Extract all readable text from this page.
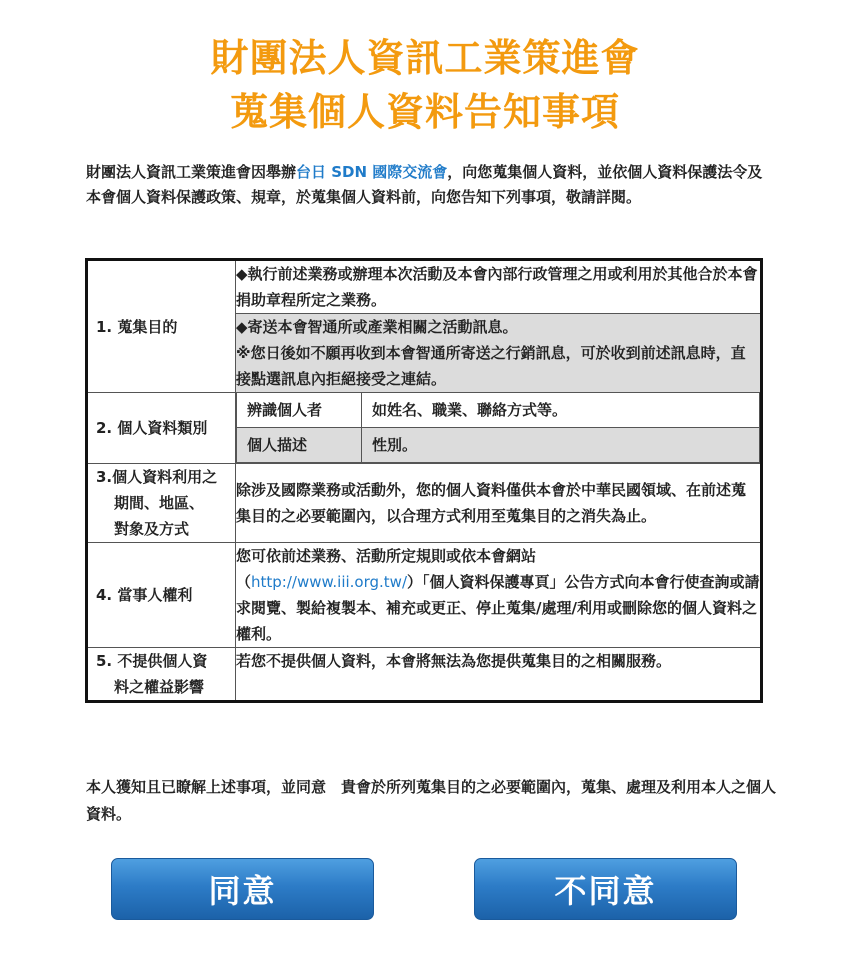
財團法人資訊工業策進會
蒐集個人資料告知事項
財團法人資訊工業策進會因舉辦台日 SDN 國際交流會，向您蒐集個人資料，並依個人資料保護法令及本會個人資料保護政策、規章，於蒐集個人資料前，向您告知下列事項，敬請詳閱。
1. 蒐集目的	◆執行前述業務或辦理本次活動及本會內部行政管理之用或利用於其他合於本會捐助章程所定之業務。

◆寄送本會智通所或產業相關之活動訊息。
※您日後如不願再收到本會智通所寄送之行銷訊息，可於收到前述訊息時，直接點選訊息內拒絕接受之連結。

2. 個人資料類別	
辨識個人者	如姓名、職業、聯絡方式等。
個人描述	性別。

3.個人資料利用之
期間、地區、
對象及方式
	除涉及國際業務或活動外，您的個人資料僅供本會於中華民國領域、在前述蒐集目的之必要範圍內，以合理方式利用至蒐集目的之消失為止。
4. 當事人權利	您可依前述業務、活動所定規則或依本會網站
（http://www.iii.org.tw/）「個人資料保護專頁」公告方式向本會行使查詢或請求閱覽、製給複製本、補充或更正、停止蒐集/處理/利用或刪除您的個人資料之權利。
5. 不提供個人資
料之權益影響
	若您不提供個人資料，本會將無法為您提供蒐集目的之相關服務。
本人獲知且已瞭解上述事項，並同意　貴會於所列蒐集目的之必要範圍內，蒐集、處理及利用本人之個人資料。
同意	不同意
